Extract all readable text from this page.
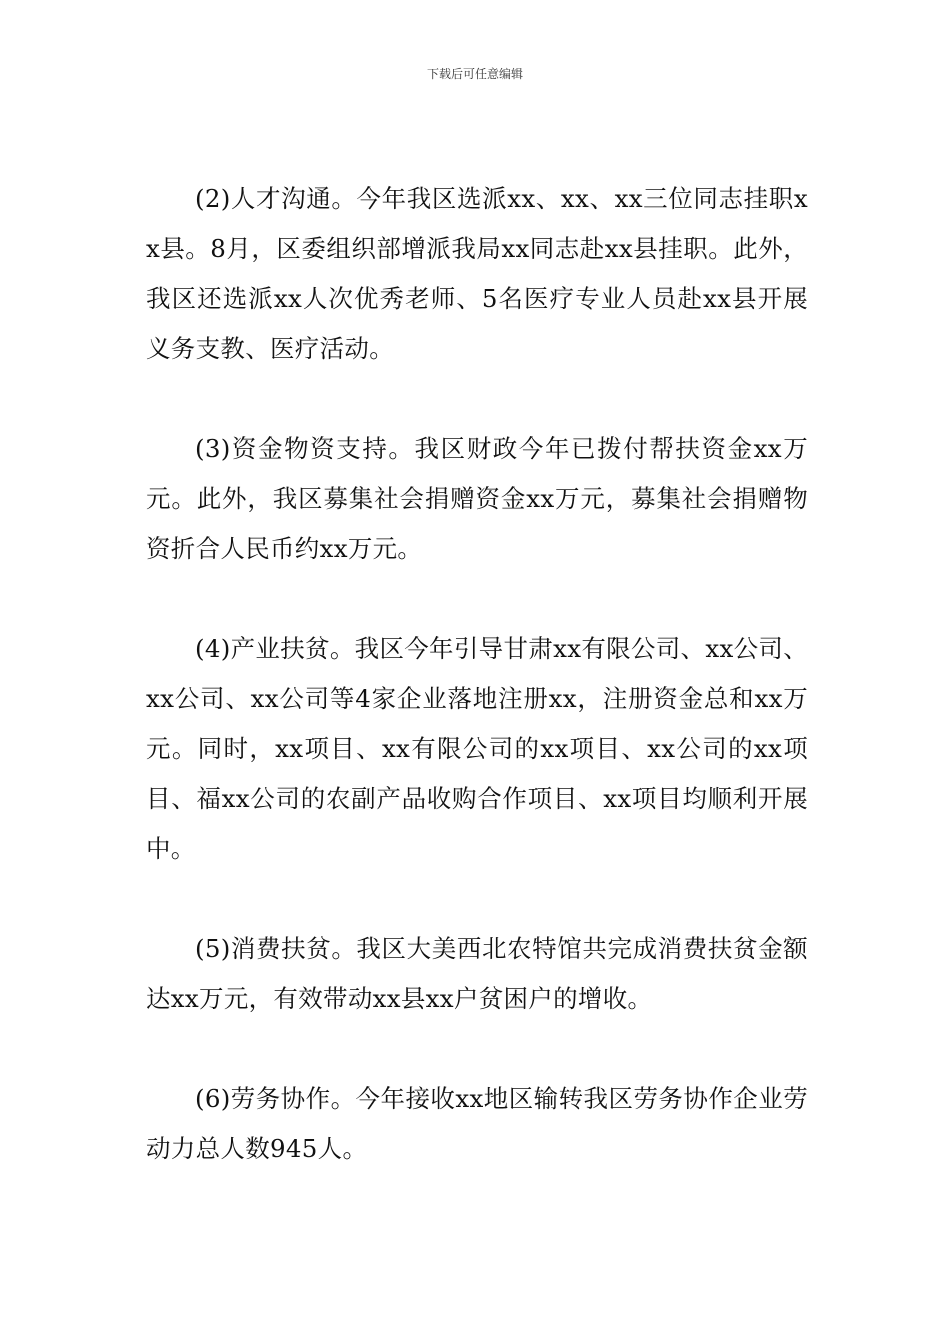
下载后可任意编辑

(2)人才沟通。今年我区选派xx、xx、xx三位同志挂职xx县。8月，区委组织部增派我局xx同志赴xx县挂职。此外，我区还选派xx人次优秀老师、5名医疗专业人员赴xx县开展义务支教、医疗活动。

(3)资金物资支持。我区财政今年已拨付帮扶资金xx万元。此外，我区募集社会捐赠资金xx万元，募集社会捐赠物资折合人民币约xx万元。

(4)产业扶贫。我区今年引导甘肃xx有限公司、xx公司、xx公司、xx公司等4家企业落地注册xx，注册资金总和xx万元。同时，xx项目、xx有限公司的xx项目、xx公司的xx项目、福xx公司的农副产品收购合作项目、xx项目均顺利开展中。

(5)消费扶贫。我区大美西北农特馆共完成消费扶贫金额达xx万元，有效带动xx县xx户贫困户的增收。

(6)劳务协作。今年接收xx地区输转我区劳务协作企业劳动力总人数945人。
